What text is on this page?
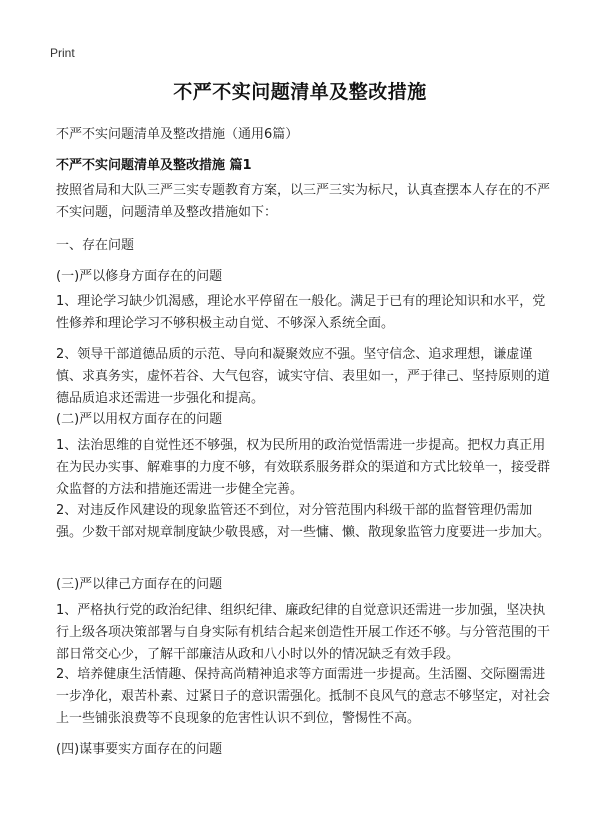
Print
不严不实问题清单及整改措施
不严不实问题清单及整改措施（通用6篇）
不严不实问题清单及整改措施 篇1

按照省局和大队三严三实专题教育方案，以三严三实为标尺，认真查摆本人存在的不严不实问题，问题清单及整改措施如下：

一、存在问题
(一)严以修身方面存在的问题

1、理论学习缺少饥渴感，理论水平停留在一般化。满足于已有的理论知识和水平，党性修养和理论学习不够积极主动自觉、不够深入系统全面。

2、领导干部道德品质的示范、导向和凝聚效应不强。坚守信念、追求理想，谦虚谨慎、求真务实，虚怀若谷、大气包容，诚实守信、表里如一，严于律己、坚持原则的道德品质追求还需进一步强化和提高。

(二)严以用权方面存在的问题

1、法治思维的自觉性还不够强，权为民所用的政治觉悟需进一步提高。把权力真正用在为民办实事、解难事的力度不够，有效联系服务群众的渠道和方式比较单一，接受群众监督的方法和措施还需进一步健全完善。

2、对违反作风建设的现象监管还不到位，对分管范围内科级干部的监督管理仍需加强。少数干部对规章制度缺少敬畏感，对一些慵、懒、散现象监管力度要进一步加大。

(三)严以律己方面存在的问题

1、严格执行党的政治纪律、组织纪律、廉政纪律的自觉意识还需进一步加强，坚决执行上级各项决策部署与自身实际有机结合起来创造性开展工作还不够。与分管范围的干部日常交心少，了解干部廉洁从政和八小时以外的情况缺乏有效手段。

2、培养健康生活情趣、保持高尚精神追求等方面需进一步提高。生活圈、交际圈需进一步净化，艰苦朴素、过紧日子的意识需强化。抵制不良风气的意志不够坚定，对社会上一些铺张浪费等不良现象的危害性认识不到位，警惕性不高。

(四)谋事要实方面存在的问题
